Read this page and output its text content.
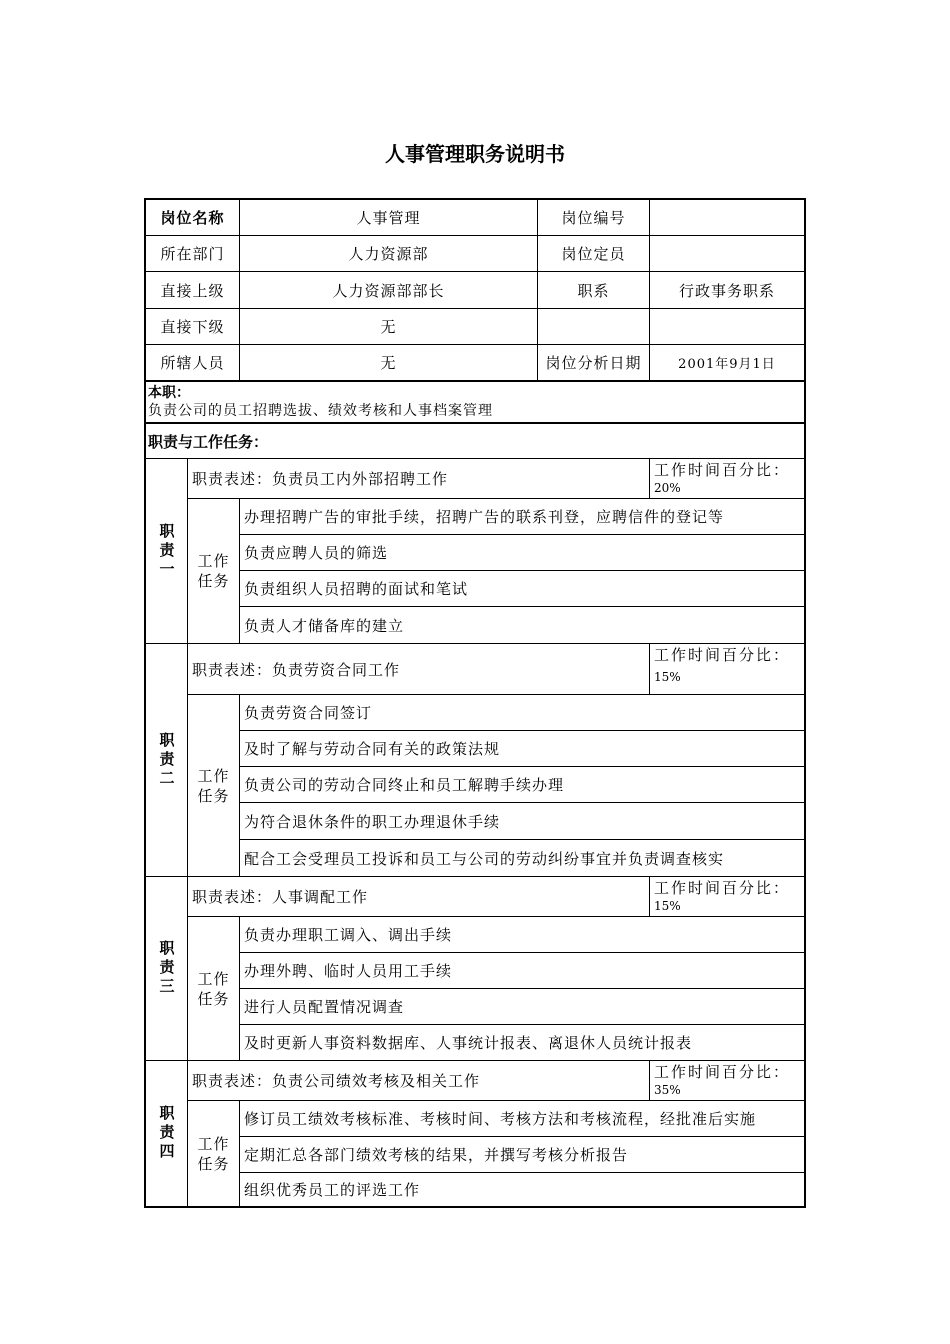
人事管理职务说明书
岗位名称	人事管理	岗位编号
所在部门	人力资源部	岗位定员
直接上级	人力资源部部长	职系	行政事务职系
直接下级	无
所辖人员	无	岗位分析日期	2001年9月1日
本职：
负责公司的员工招聘选拔、绩效考核和人事档案管理
职责与工作任务：
职责一
职责表述：负责员工内外部招聘工作	工作时间百分比：
20%
工作任务
办理招聘广告的审批手续，招聘广告的联系刊登，应聘信件的登记等
负责应聘人员的筛选
负责组织人员招聘的面试和笔试
负责人才储备库的建立
职责二
职责表述：负责劳资合同工作
工作时间百分比：
15%
工作任务
负责劳资合同签订
及时了解与劳动合同有关的政策法规
负责公司的劳动合同终止和员工解聘手续办理
为符合退休条件的职工办理退休手续
配合工会受理员工投诉和员工与公司的劳动纠纷事宜并负责调查核实
职责三
职责表述：人事调配工作	工作时间百分比：
15%
工作任务
负责办理职工调入、调出手续
办理外聘、临时人员用工手续
进行人员配置情况调查
及时更新人事资料数据库、人事统计报表、离退休人员统计报表
职责四
职责表述：负责公司绩效考核及相关工作	工作时间百分比：
35%
工作任务
修订员工绩效考核标准、考核时间、考核方法和考核流程，经批准后实施
定期汇总各部门绩效考核的结果，并撰写考核分析报告
组织优秀员工的评选工作
